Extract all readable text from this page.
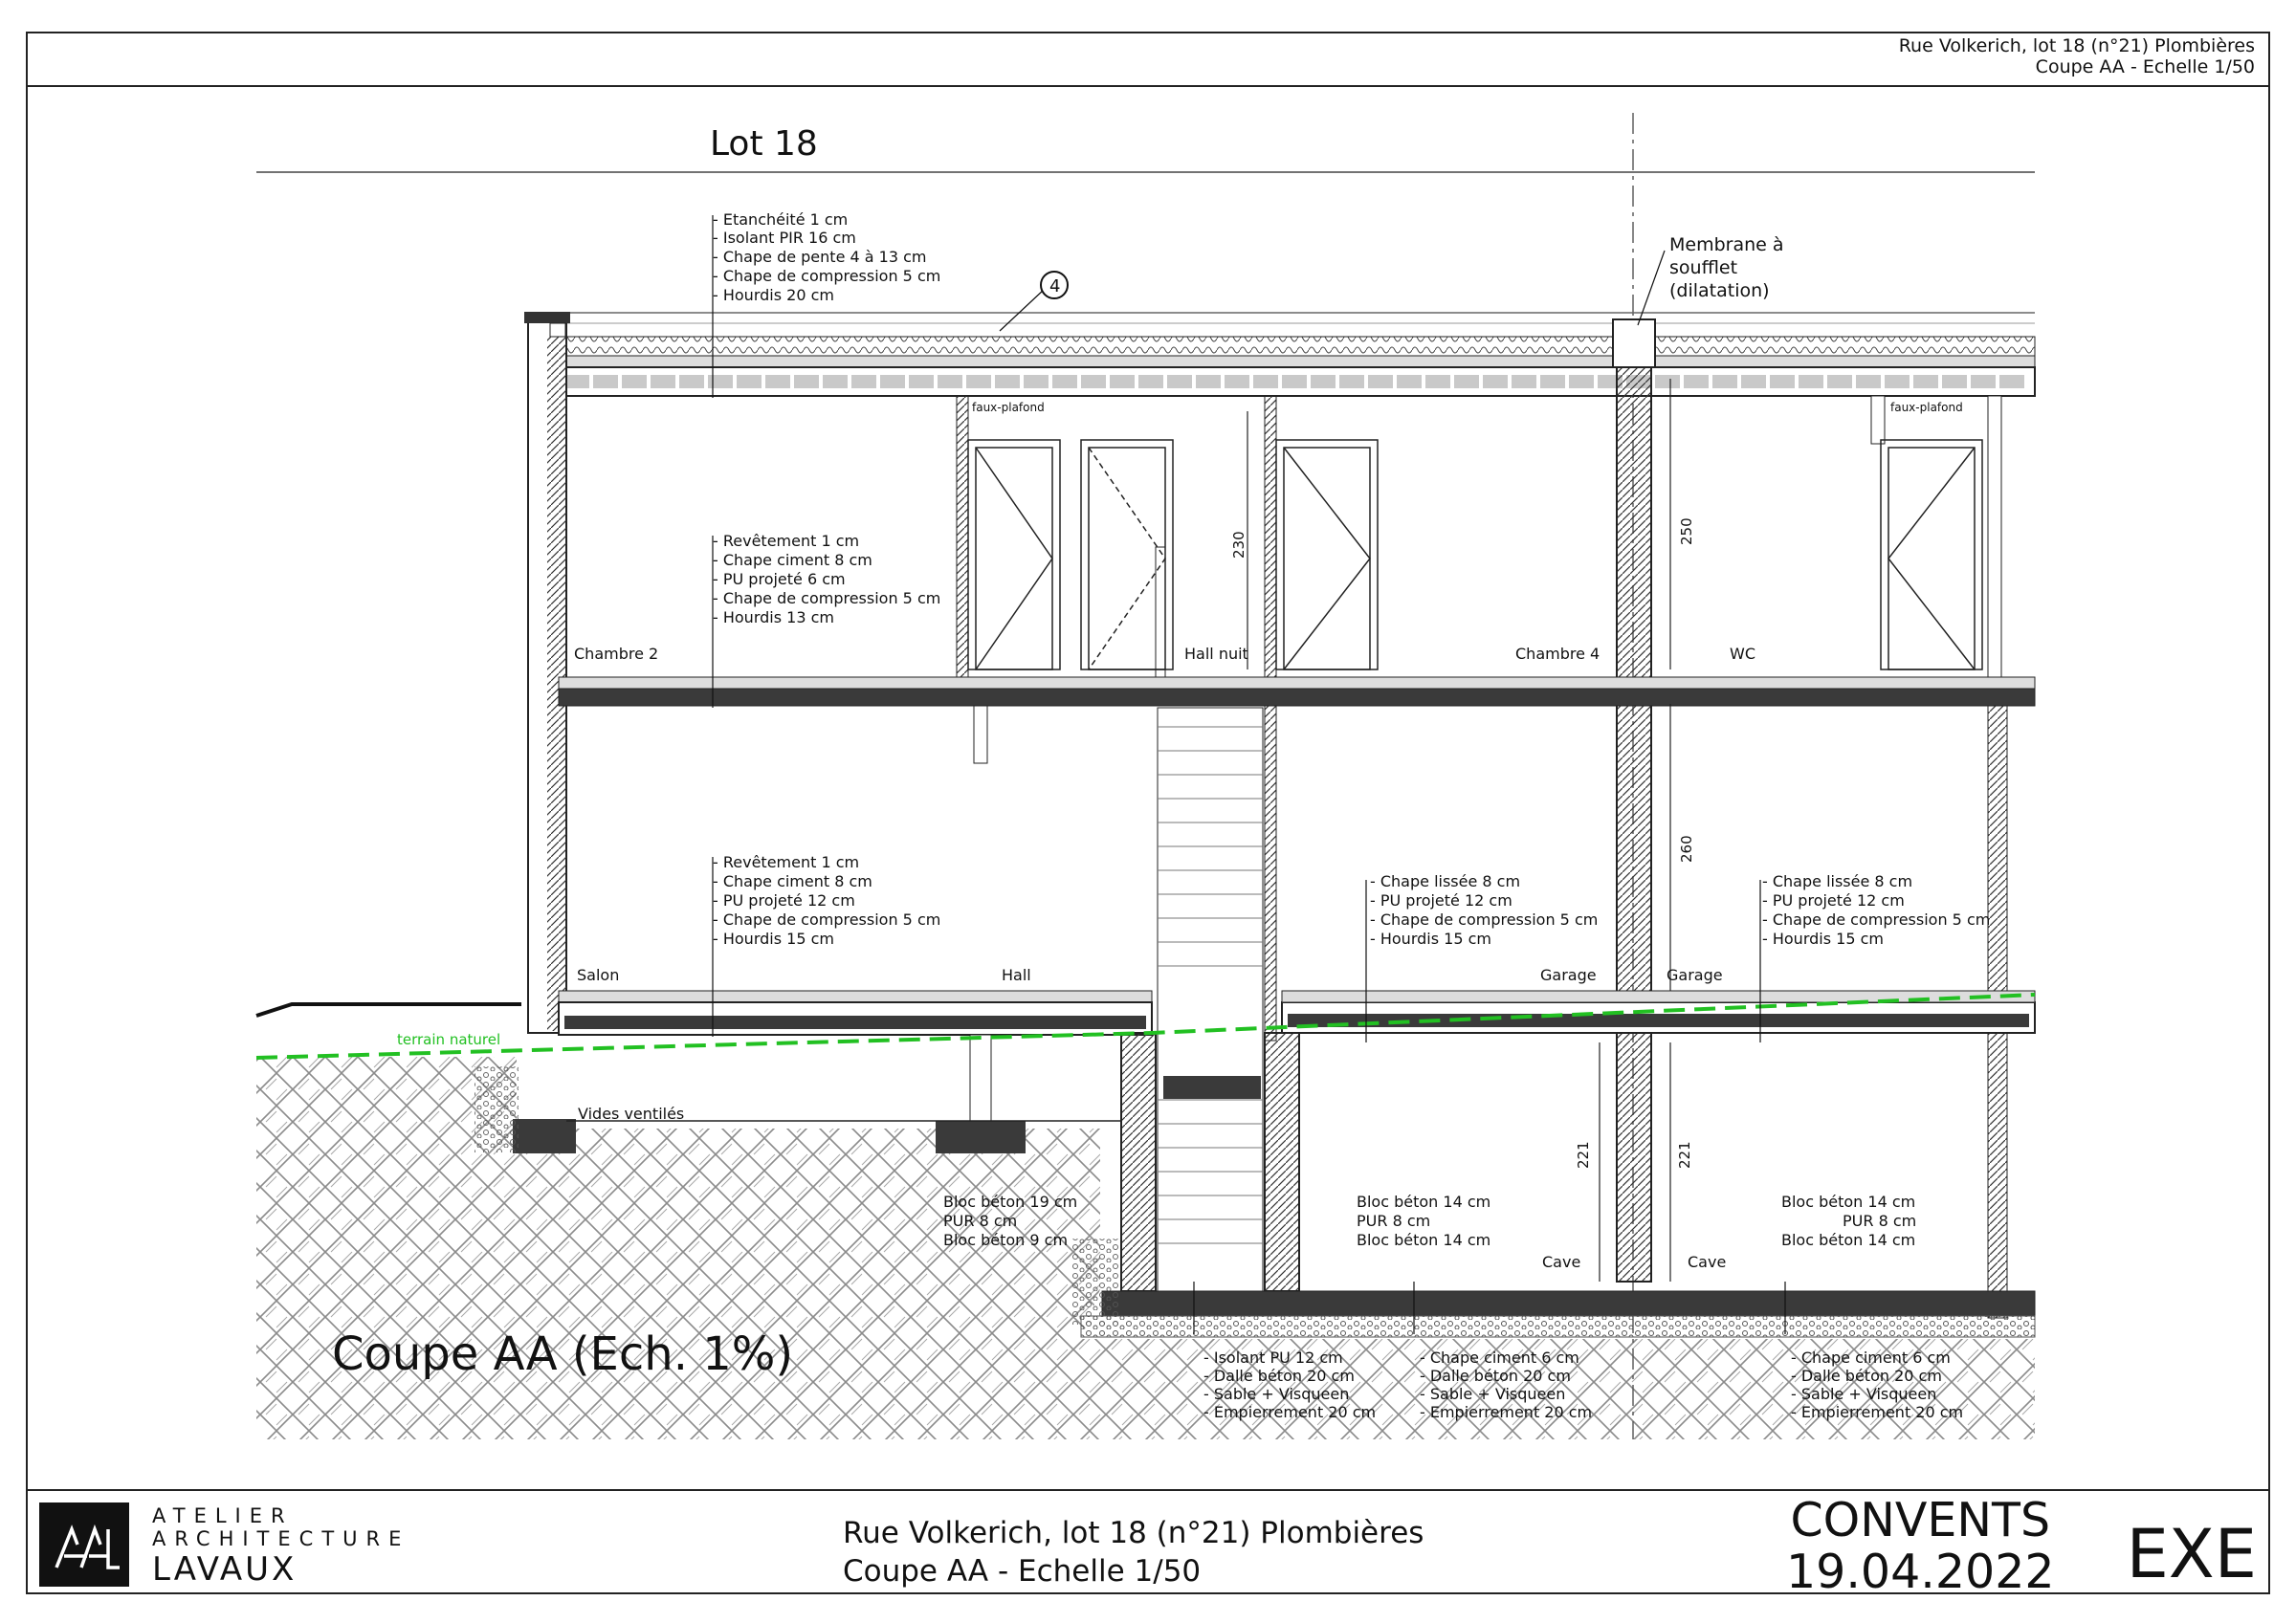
Rue Volkerich, lot 18 (n°21) Plombières
Coupe AA - Echelle 1/50
Lot 18
terrain naturel
4
Coupe AA (Ech. 1%)
Membrane à
soufflet
(dilatation)
- Etanchéité 1 cm
- Isolant PIR 16 cm
- Chape de pente 4 à 13 cm
- Chape de compression 5 cm
- Hourdis 20 cm
- Revêtement 1 cm
- Chape ciment 8 cm
- PU projeté 6 cm
- Chape de compression 5 cm
- Hourdis 13 cm
- Revêtement 1 cm
- Chape ciment 8 cm
- PU projeté 12 cm
- Chape de compression 5 cm
- Hourdis 15 cm
- Chape lissée 8 cm
- PU projeté 12 cm
- Chape de compression 5 cm
- Hourdis 15 cm
- Chape lissée 8 cm
- PU projeté 12 cm
- Chape de compression 5 cm
- Hourdis 15 cm
Bloc béton 19 cm
PUR 8 cm
Bloc béton 9 cm
Bloc béton 14 cm
PUR 8 cm
Bloc béton 14 cm
Bloc béton 14 cm
PUR 8 cm
Bloc béton 14 cm
- Isolant PU 12 cm
- Dalle béton 20 cm
- Sable + Visqueen
- Empierrement 20 cm
- Chape ciment 6 cm
- Dalle béton 20 cm
- Sable + Visqueen
- Empierrement 20 cm
- Chape ciment 6 cm
- Dalle béton 20 cm
- Sable + Visqueen
- Empierrement 20 cm
faux-plafond	faux-plafond
Chambre 2	Hall nuit	Chambre 4	WC
Salon	Hall	Garage	Garage
Vides ventilés
Cave	Cave
230	250
260
221	221
ATELIER
ARCHITECTURE
LAVAUX
Rue Volkerich, lot 18 (n°21) Plombières
Coupe AA - Echelle 1/50
CONVENTS
19.04.2022 EXE
